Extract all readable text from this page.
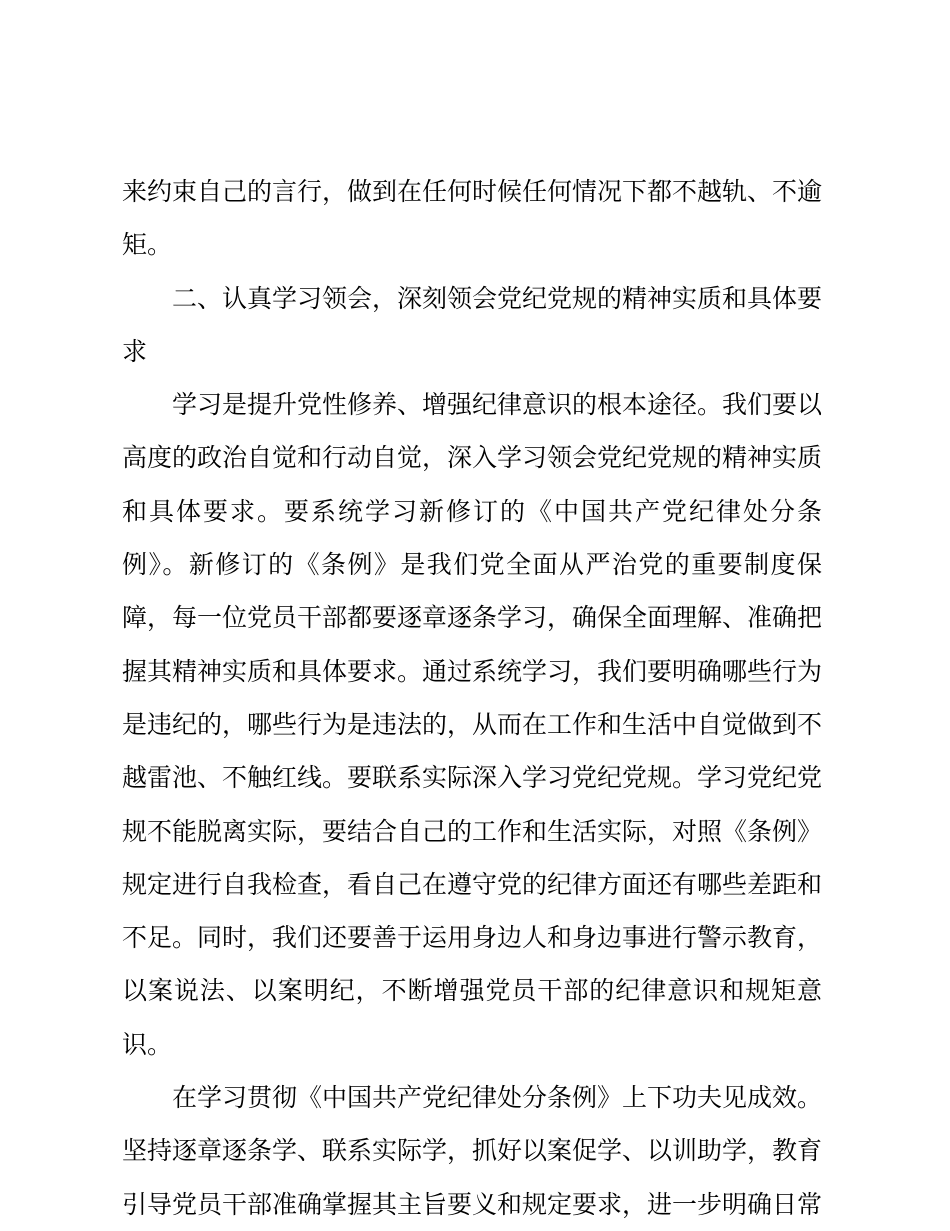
来约束自己的言行，做到在任何时候任何情况下都不越轨、不逾矩。

二、认真学习领会，深刻领会党纪党规的精神实质和具体要求

学习是提升党性修养、增强纪律意识的根本途径。我们要以高度的政治自觉和行动自觉，深入学习领会党纪党规的精神实质和具体要求。要系统学习新修订的《中国共产党纪律处分条例》。新修订的《条例》是我们党全面从严治党的重要制度保障，每一位党员干部都要逐章逐条学习，确保全面理解、准确把握其精神实质和具体要求。通过系统学习，我们要明确哪些行为是违纪的，哪些行为是违法的，从而在工作和生活中自觉做到不越雷池、不触红线。要联系实际深入学习党纪党规。学习党纪党规不能脱离实际，要结合自己的工作和生活实际，对照《条例》规定进行自我检查，看自己在遵守党的纪律方面还有哪些差距和不足。同时，我们还要善于运用身边人和身边事进行警示教育，以案说法、以案明纪，不断增强党员干部的纪律意识和规矩意识。

在学习贯彻《中国共产党纪律处分条例》上下功夫见成效。坚持逐章逐条学、联系实际学，抓好以案促学、以训助学，教育引导党员干部准确掌握其主旨要义和规定要求，进一步明确日常
